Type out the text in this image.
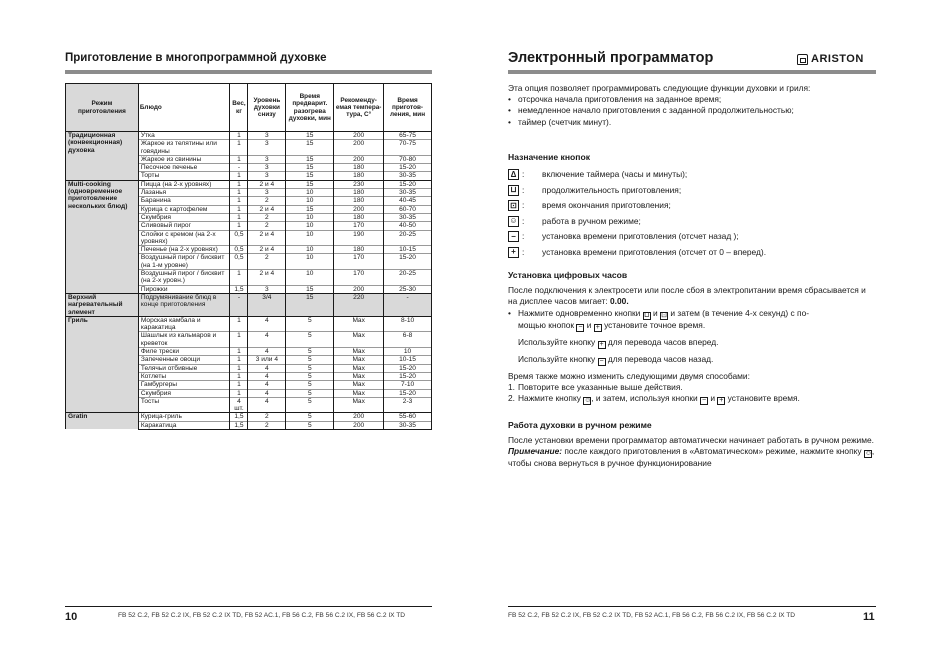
Приготовление в многопрограммной духовке
Режим приготовления	Блюдо	Вес, кг	Уровень духовки снизу	Время предварит. разогрева духовки, мин	Рекоменду-емая темпера-тура, С°	Время приготов-ления, мин
Традиционная (конвекционная) духовка	Утка	1	3	15	200	65-75
	Жаркое из телятины или говядины	1	3	15	200	70-75
	Жаркое из свинины	1	3	15	200	70-80
	Песочное печенье	-	3	15	180	15-20
	Торты	1	3	15	180	30-35
Multi-cooking (одновременное приготовление нескольких блюд)	Пицца (на 2-х уровнях)	1	2 и 4	15	230	15-20
	Лазанья	1	3	10	180	30-35
	Баранина	1	2	10	180	40-45
	Курица с картофелем	1	2 и 4	15	200	60-70
	Скумбрия	1	2	10	180	30-35
	Сливовый пирог	1	2	10	170	40-50
	Слойки с кремом (на 2-х уровнях)	0,5	2 и 4	10	190	20-25
	Печенье (на 2-х уровнях)	0,5	2 и 4	10	180	10-15
	Воздушный пирог / бисквит (на 1-м уровне)	0,5	2	10	170	15-20
	Воздушный пирог / бисквит (на 2-х уровн.)	1	2 и 4	10	170	20-25
	Пирожки	1,5	3	15	200	25-30
Верхний нагревательный элемент	Подрумянивание блюд в конце приготовления	-	3/4	15	220	-
Гриль	Морская камбала и каракатица	1	4	5	Max	8-10
	Шашлык из кальмаров и креветок	1	4	5	Max	6-8
	Филе трески	1	4	5	Max	10
	Запеченные овощи	1	3 или 4	5	Max	10-15
	Телячьи отбивные	1	4	5	Max	15-20
	Котлеты	1	4	5	Max	15-20
	Гамбургеры	1	4	5	Max	7-10
	Скумбрия	1	4	5	Max	15-20
	Тосты	4 шт.	4	5	Max	2-3
Gratin	Курица-гриль	1,5	2	5	200	55-60
	Каракатица	1,5	2	5	200	30-35
10	FB 52 C.2, FB 52 C.2 IX, FB 52 C.2 IX TD, FB 52 AC.1, FB 56 C.2, FB 56 C.2 IX, FB 56 C.2 IX TD
Электронный программатор	ARISTON

Эта опция позволяет программировать следующие функции духовки и гриля:

• отсрочка начала приготовления на заданное время;

• немедленное начало приготовления с заданной продолжительностью;

• таймер (счетчик минут).

Назначение кнопок

Δ :	включение таймера (часы и минуты);
⊔ :	продолжительность приготовления;
⊡ :	время окончания приготовления;
☺ :	работа в ручном режиме;
− :	установка времени приготовления (отсчет назад );
+ :	установка времени приготовления (отсчет от 0 – вперед).

Установка цифровых часов

После подключения к электросети или после сбоя в электропитании время сбрасывается и на дисплее часов мигает: 0.00.

• Нажмите одновременно кнопки ⊔ и ⊡ и затем (в течение 4-х секунд) с по-
мощью кнопок − и + установите точное время.

Используйте кнопку + для перевода часов вперед.

Используйте кнопку − для перевода часов назад.

Время также можно изменить следующими двумя способами:

1. Повторите все указанные выше действия.

2. Нажмите кнопку ☺, и затем, используя кнопки − и + установите время.

Работа духовки в ручном режиме

После установки времени программатор автоматически начинает работать в ручном режиме.

Примечание: после каждого приготовления в «Автоматическом» режиме, нажмите кнопку ☺, чтобы снова вернуться в ручное функционирование

FB 52 C.2, FB 52 C.2 IX, FB 52 C.2 IX TD, FB 52 AC.1, FB 56 C.2, FB 56 C.2 IX, FB 56 C.2 IX TD	11
